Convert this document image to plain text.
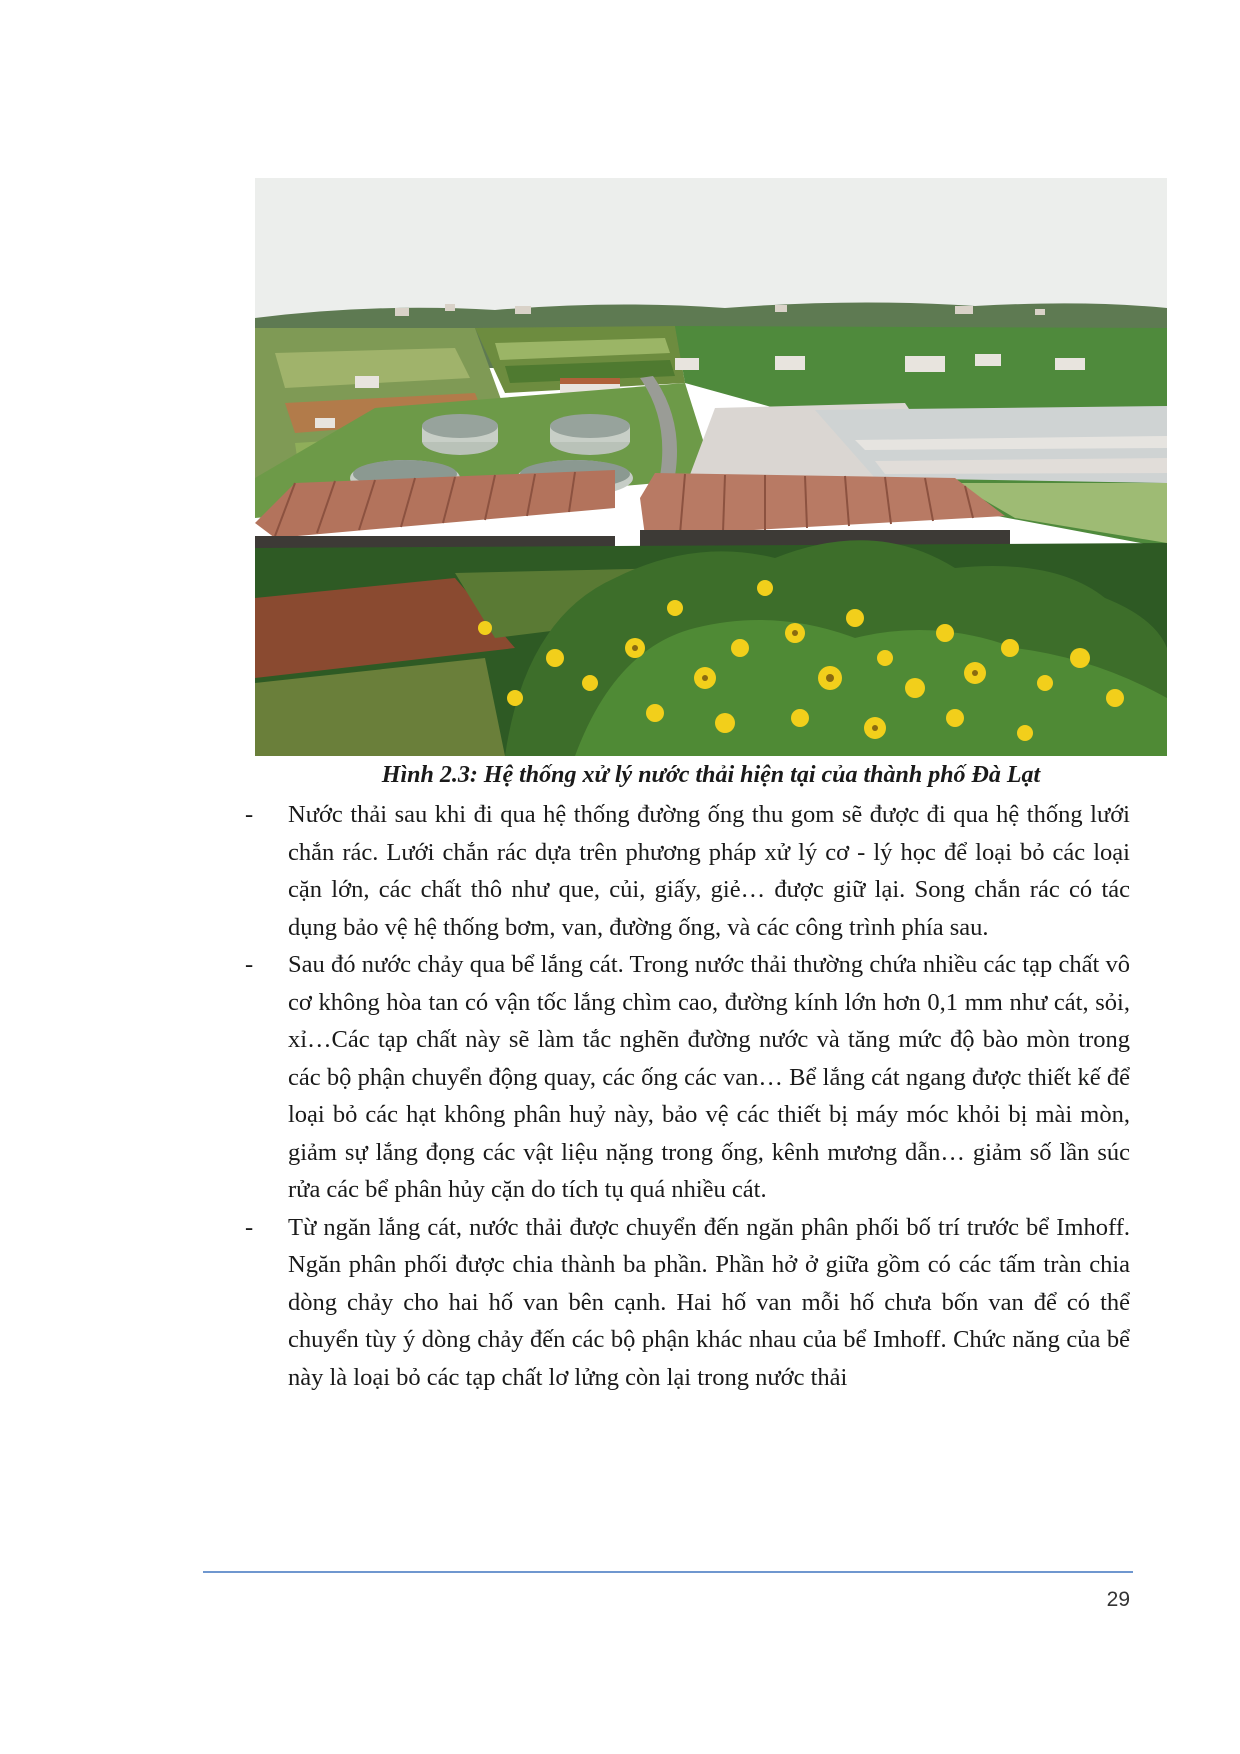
Hình 2.3: Hệ thống xử lý nước thải hiện tại của thành phố Đà Lạt

- Nước thải sau khi đi qua hệ thống đường ống thu gom sẽ được đi qua hệ thống lưới chắn rác. Lưới chắn rác dựa trên phương pháp xử lý cơ - lý học để loại bỏ các loại cặn lớn, các chất thô như que, củi, giấy, giẻ… được giữ lại. Song chắn rác có tác dụng bảo vệ hệ thống bơm, van, đường ống, và các công trình phía sau.

- Sau đó nước chảy qua bể lắng cát. Trong nước thải thường chứa nhiều các tạp chất vô cơ không hòa tan có vận tốc lắng chìm cao, đường kính lớn hơn 0,1 mm như cát, sỏi, xỉ…Các tạp chất này sẽ làm tắc nghẽn đường nước và tăng mức độ bào mòn trong các bộ phận chuyển động quay, các ống các van… Bể lắng cát ngang được thiết kế để loại bỏ các hạt không phân huỷ này, bảo vệ các thiết bị máy móc khỏi bị mài mòn, giảm sự lắng đọng các vật liệu nặng trong ống, kênh mương dẫn… giảm số lần súc rửa các bể phân hủy cặn do tích tụ quá nhiều cát.

- Từ ngăn lắng cát, nước thải được chuyển đến ngăn phân phối bố trí trước bể Imhoff. Ngăn phân phối được chia thành ba phần. Phần hở ở giữa gồm có các tấm tràn chia dòng chảy cho hai hố van bên cạnh. Hai hố van mỗi hố chưa bốn van để có thể chuyển tùy ý dòng chảy đến các bộ phận khác nhau của bể Imhoff. Chức năng của bể này là loại bỏ các tạp chất lơ lửng còn lại trong nước thải

29
